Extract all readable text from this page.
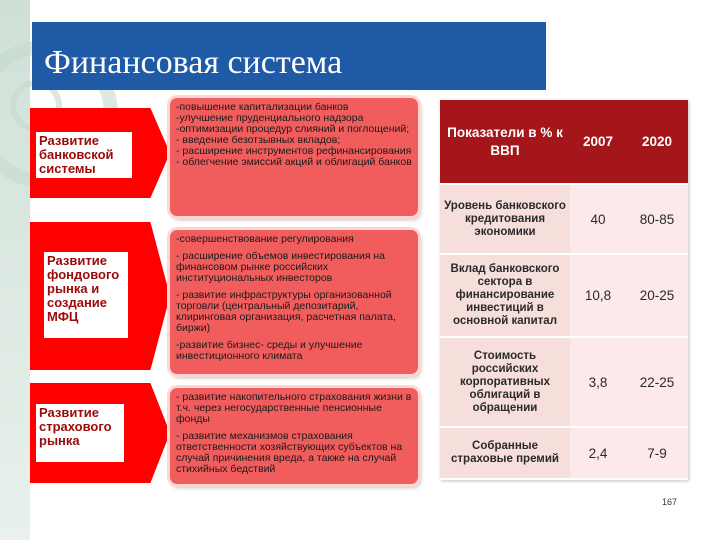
Финансовая система
Развитие банковской системы
Развитие фондового рынка и создание МФЦ
Развитие страхового рынка

-повышение капитализации банков

-улучшение пруденциального надзора

-оптимизации процедур слияний и поглощений;

- введение безотзывных вкладов;

- расширение инструментов рефинансирования

- облегчение эмиссий акций и облигаций банков

-совершенствование регулирования

- расширение объемов инвестирования на финансовом рынке российских институциональных инвесторов

- развитие инфраструктуры организованной торговли (центральный депозитарий, клиринговая организация, расчетная палата, биржи)

-развитие бизнес- среды и улучшение инвестиционного климата

- развитие накопительного страхования жизни в т.ч. через негосударственные пенсионные фонды

- развитие механизмов страхования ответственности хозяйствующих субъектов на случай причинения вреда, а также на случай стихийных бедствий

Показатели в % к ВВП	2007	2020
Уровень банковского кредитования экономики	40	80-85
Вклад банковского сектора в финансирование инвестиций в основной капитал	10,8	20-25
Стоимость российских корпоративных облигаций в обращении	3,8	22-25
Собранные страховые премий	2,4	7-9
167
